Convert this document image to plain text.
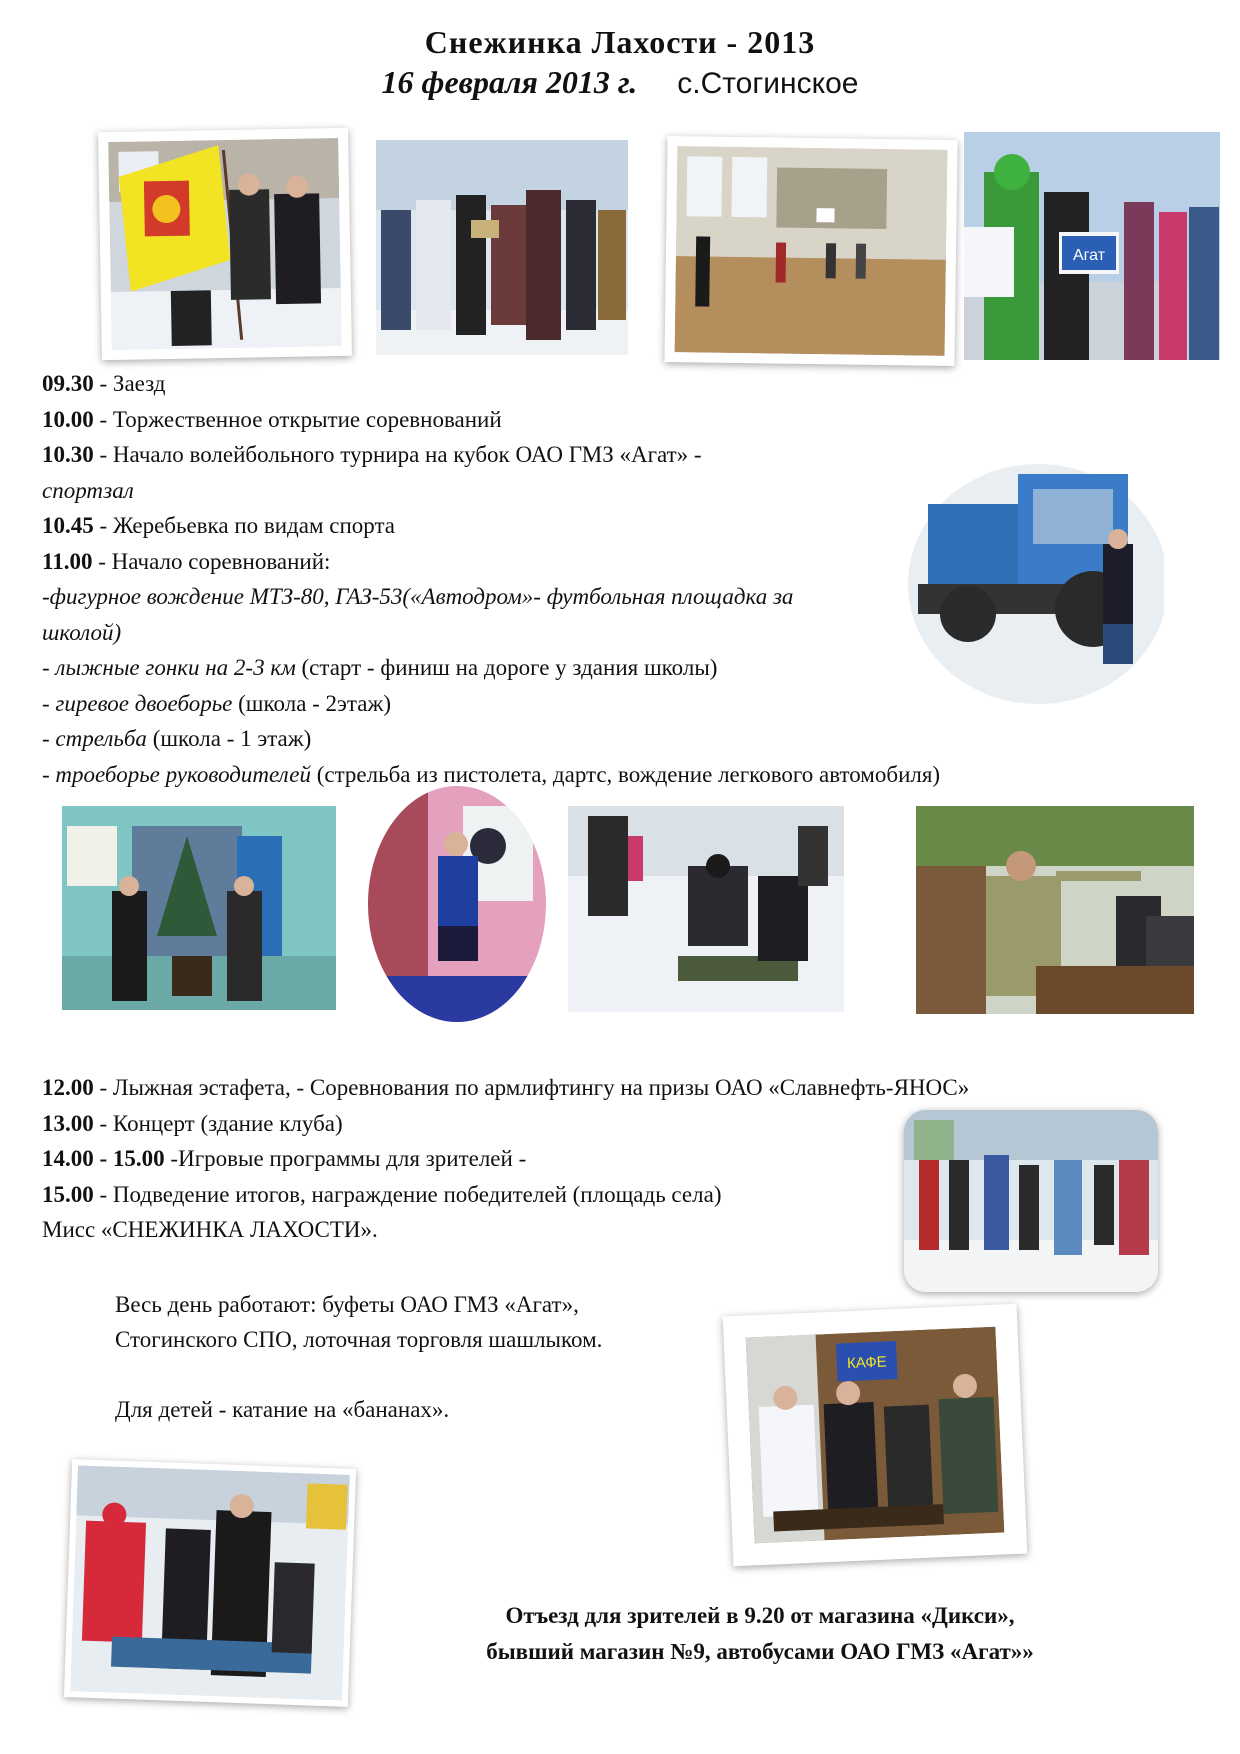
Снежинка Лахости - 2013
16 февраля 2013 г. с.Стогинское
Агат
09.30 - Заезд
10.00 - Торжественное открытие соревнований
10.30 - Начало волейбольного турнира на кубок ОАО ГМЗ «Агат» -
спортзал
10.45 - Жеребьевка по видам спорта
11.00 - Начало соревнований:
-фигурное вождение МТЗ-80, ГАЗ-53(«Автодром»- футбольная площадка за
школой)
- лыжные гонки на 2-3 км (старт - финиш на дороге у здания школы)
- гиревое двоеборье (школа - 2этаж)
- стрельба (школа - 1 этаж)
- троеборье руководителей (стрельба из пистолета, дартс, вождение легкового автомобиля)
12.00 - Лыжная эстафета, - Соревнования по армлифтингу на призы ОАО «Славнефть-ЯНОС»
13.00 - Концерт (здание клуба)
14.00 - 15.00 -Игровые программы для зрителей -
15.00 - Подведение итогов, награждение победителей (площадь села)
Мисс «СНЕЖИНКА ЛАХОСТИ».
Весь день работают: буфеты ОАО ГМЗ «Агат»,
Стогинского СПО, лоточная торговля шашлыком.
Для детей - катание на «бананах».
КАФЕ
Отъезд для зрителей в 9.20 от магазина «Дикси»,
бывший магазин №9, автобусами ОАО ГМЗ «Агат»»
